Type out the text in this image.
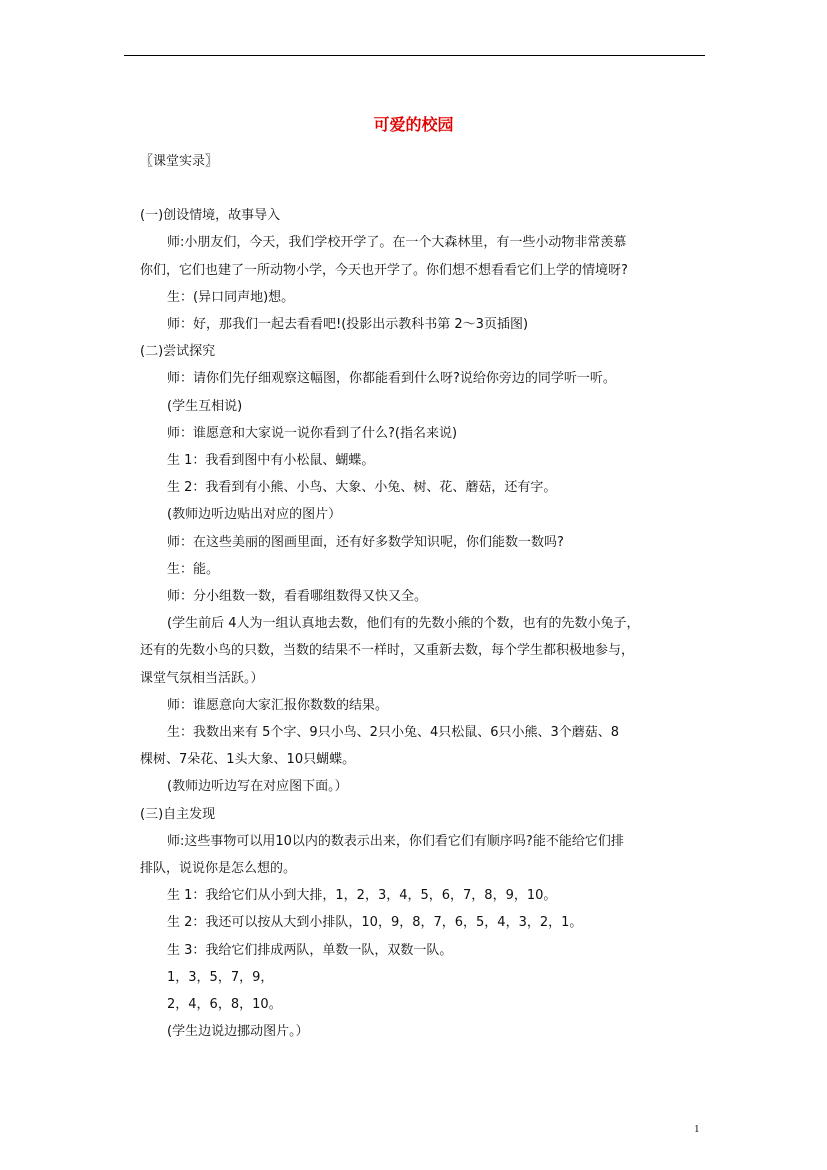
可爱的校园

〖课堂实录〗

(一)创设情境，故事导入

师:小朋友们，今天，我们学校开学了。在一个大森林里，有一些小动物非常羡慕

你们，它们也建了一所动物小学，今天也开学了。你们想不想看看它们上学的情境呀?

生：(异口同声地)想。

师：好，那我们一起去看看吧!(投影出示教科书第 2～3页插图)

(二)尝试探究

师：请你们先仔细观察这幅图，你都能看到什么呀?说给你旁边的同学听一听。

(学生互相说)

师：谁愿意和大家说一说你看到了什么?(指名来说)

生 1：我看到图中有小松鼠、蝴蝶。

生 2：我看到有小熊、小鸟、大象、小兔、树、花、蘑菇，还有字。

(教师边听边贴出对应的图片）

师：在这些美丽的图画里面，还有好多数学知识呢，你们能数一数吗?

生：能。

师：分小组数一数，看看哪组数得又快又全。

(学生前后 4人为一组认真地去数，他们有的先数小熊的个数，也有的先数小兔子，

还有的先数小鸟的只数，当数的结果不一样时，又重新去数，每个学生都积极地参与，

课堂气氛相当活跃。）

师：谁愿意向大家汇报你数数的结果。

生：我数出来有 5个字、9只小鸟、2只小兔、4只松鼠、6只小熊、3个蘑菇、8

棵树、7朵花、1头大象、10只蝴蝶。

(教师边听边写在对应图下面。）

(三)自主发现

师:这些事物可以用10以内的数表示出来，你们看它们有顺序吗?能不能给它们排

排队，说说你是怎么想的。

生 1：我给它们从小到大排，1，2，3，4，5，6，7，8，9，10。

生 2：我还可以按从大到小排队，10，9，8，7，6，5，4，3，2，1。

生 3：我给它们排成两队，单数一队，双数一队。

1，3，5，7，9，

2，4，6，8，10。

(学生边说边挪动图片。）

1
